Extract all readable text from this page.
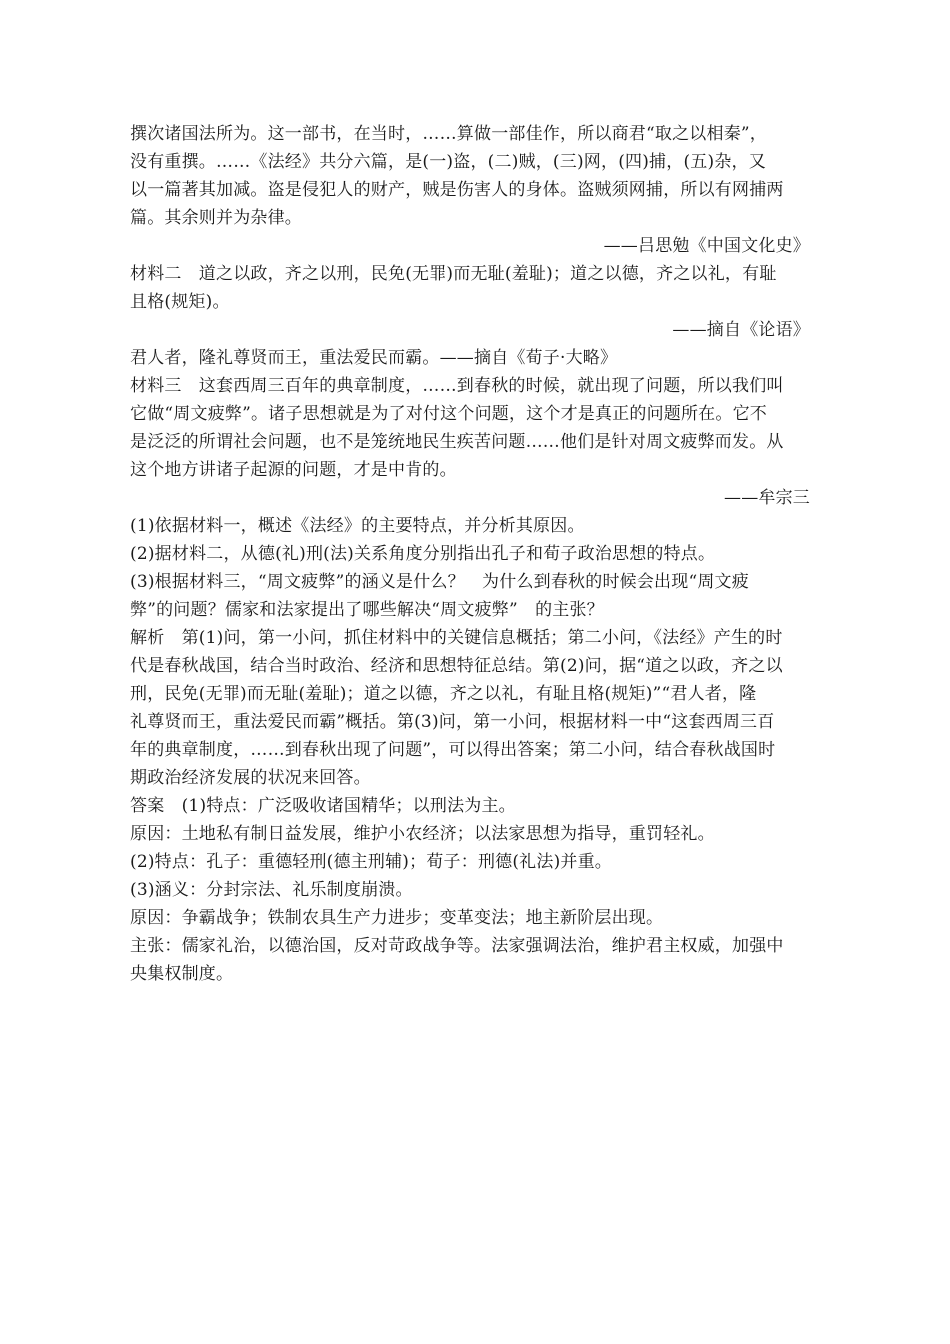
撰次诸国法所为。这一部书，在当时，……算做一部佳作，所以商君“取之以相秦”，
没有重撰。……《法经》共分六篇，是(一)盗，(二)贼，(三)网，(四)捕，(五)杂，又
以一篇著其加减。盗是侵犯人的财产，贼是伤害人的身体。盗贼须网捕，所以有网捕两
篇。其余则并为杂律。
——吕思勉《中国文化史》
材料二　道之以政，齐之以刑，民免(无罪)而无耻(羞耻)；道之以德，齐之以礼，有耻
且格(规矩)。
——摘自《论语》
君人者，隆礼尊贤而王，重法爱民而霸。——摘自《荀子·大略》
材料三　这套西周三百年的典章制度，……到春秋的时候，就出现了问题，所以我们叫
它做“周文疲弊”。诸子思想就是为了对付这个问题，这个才是真正的问题所在。它不
是泛泛的所谓社会问题，也不是笼统地民生疾苦问题……他们是针对周文疲弊而发。从
这个地方讲诸子起源的问题，才是中肯的。
——牟宗三
(1)依据材料一，概述《法经》的主要特点，并分析其原因。
(2)据材料二，从德(礼)刑(法)关系角度分别指出孔子和荀子政治思想的特点。
(3)根据材料三，“周文疲弊”的涵义是什么？　为什么到春秋的时候会出现“周文疲
弊”的问题？儒家和法家提出了哪些解决“周文疲弊”　的主张？
解析　第(1)问，第一小问，抓住材料中的关键信息概括；第二小问，《法经》产生的时
代是春秋战国，结合当时政治、经济和思想特征总结。第(2)问，据“道之以政，齐之以
刑，民免(无罪)而无耻(羞耻)；道之以德，齐之以礼，有耻且格(规矩)”“君人者，隆
礼尊贤而王，重法爱民而霸”概括。第(3)问，第一小问，根据材料一中“这套西周三百
年的典章制度，……到春秋出现了问题”，可以得出答案；第二小问，结合春秋战国时
期政治经济发展的状况来回答。
答案　(1)特点：广泛吸收诸国精华；以刑法为主。
原因：土地私有制日益发展，维护小农经济；以法家思想为指导，重罚轻礼。
(2)特点：孔子：重德轻刑(德主刑辅)；荀子：刑德(礼法)并重。
(3)涵义：分封宗法、礼乐制度崩溃。
原因：争霸战争；铁制农具生产力进步；变革变法；地主新阶层出现。
主张：儒家礼治，以德治国，反对苛政战争等。法家强调法治，维护君主权威，加强中
央集权制度。
